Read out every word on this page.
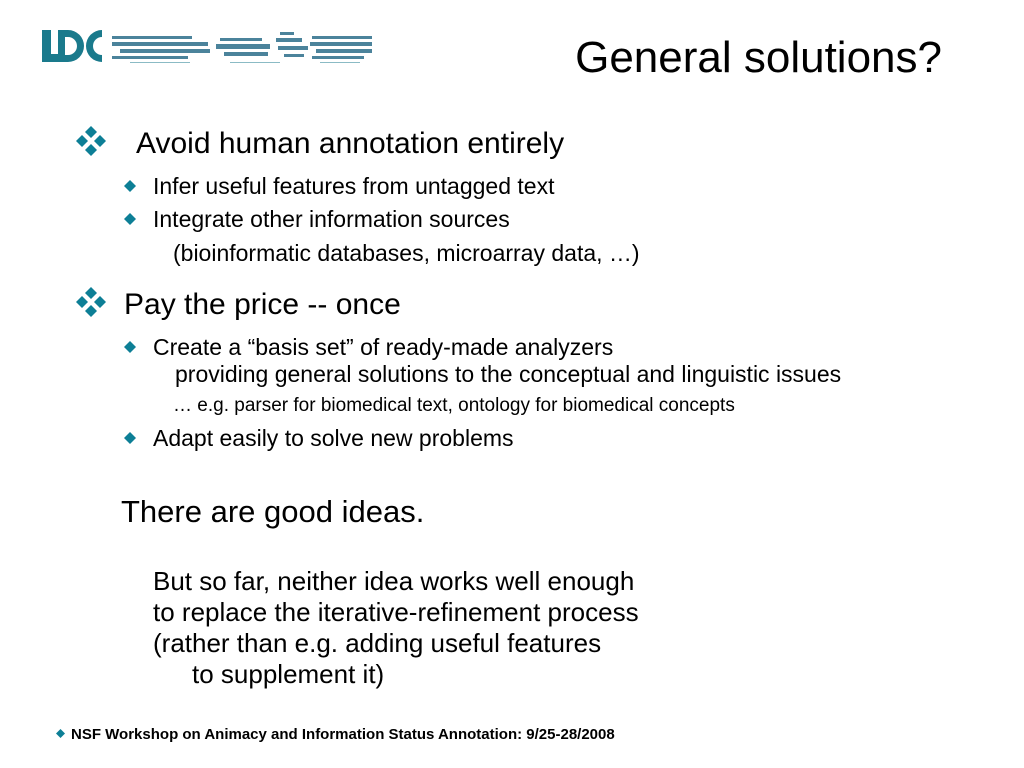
General solutions?
Avoid human annotation entirely
Infer useful features from untagged text
Integrate other information sources
(bioinformatic databases, microarray data, …)
Pay the price -- once
Create a “basis set” of ready-made analyzers
providing general solutions to the conceptual and linguistic issues
… e.g. parser for biomedical text, ontology for biomedical concepts
Adapt easily to solve new problems
There are good ideas.
But so far, neither idea works well enough
to replace the iterative-refinement process
(rather than e.g. adding useful features
to supplement it)
NSF Workshop on Animacy and Information Status Annotation: 9/25-28/2008
